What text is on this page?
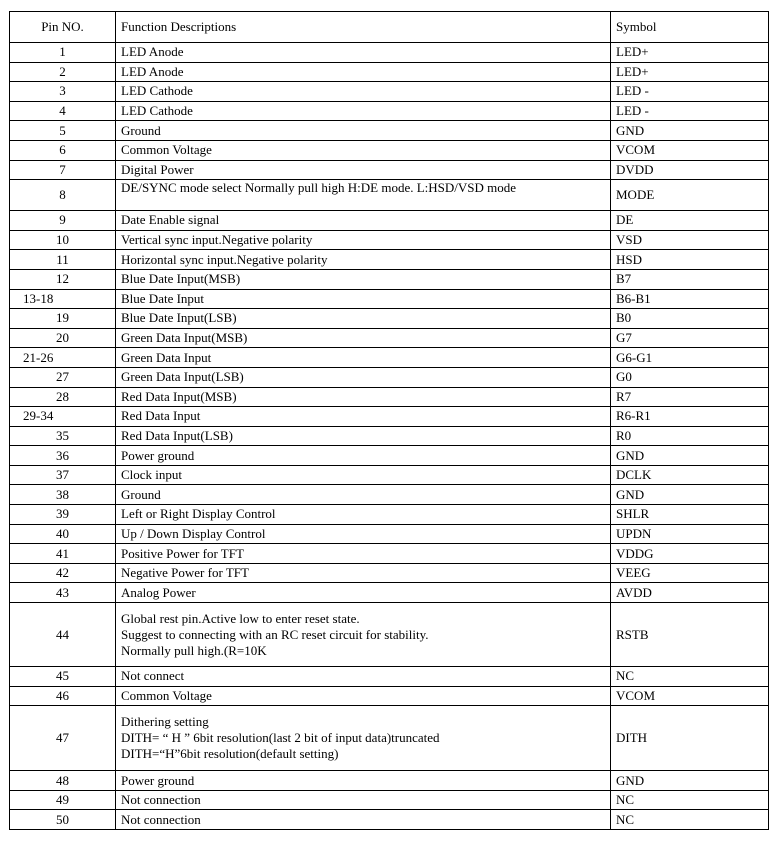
Pin NO.	Function Descriptions	Symbol
1	LED Anode	LED+
2	LED Anode	LED+
3	LED Cathode	LED -
4	LED Cathode	LED -
5	Ground	GND
6	Common Voltage	VCOM
7	Digital Power	DVDD
8	DE/SYNC mode select Normally pull high H:DE mode. L:HSD/VSD mode	MODE
9	Date Enable signal	DE
10	Vertical sync input.Negative polarity	VSD
11	Horizontal sync input.Negative polarity	HSD
12	Blue Date Input(MSB)	B7
13-18	Blue Date Input	B6-B1
19	Blue Date Input(LSB)	B0
20	Green Data Input(MSB)	G7
21-26	Green Data Input	G6-G1
27	Green Data Input(LSB)	G0
28	Red Data Input(MSB)	R7
29-34	Red Data Input	R6-R1
35	Red Data Input(LSB)	R0
36	Power ground	GND
37	Clock input	DCLK
38	Ground	GND
39	Left or Right Display Control	SHLR
40	Up / Down Display Control	UPDN
41	Positive Power for TFT	VDDG
42	Negative Power for TFT	VEEG
43	Analog Power	AVDD
44	Global rest pin.Active low to enter reset state.
Suggest to connecting with an RC reset circuit for stability.
Normally pull high.(R=10K	RSTB
45	Not connect	NC
46	Common Voltage	VCOM
47	Dithering setting
DITH= “ H ” 6bit resolution(last 2 bit of input data)truncated
DITH=“H”6bit resolution(default setting)	DITH
48	Power ground	GND
49	Not connection	NC
50	Not connection	NC
